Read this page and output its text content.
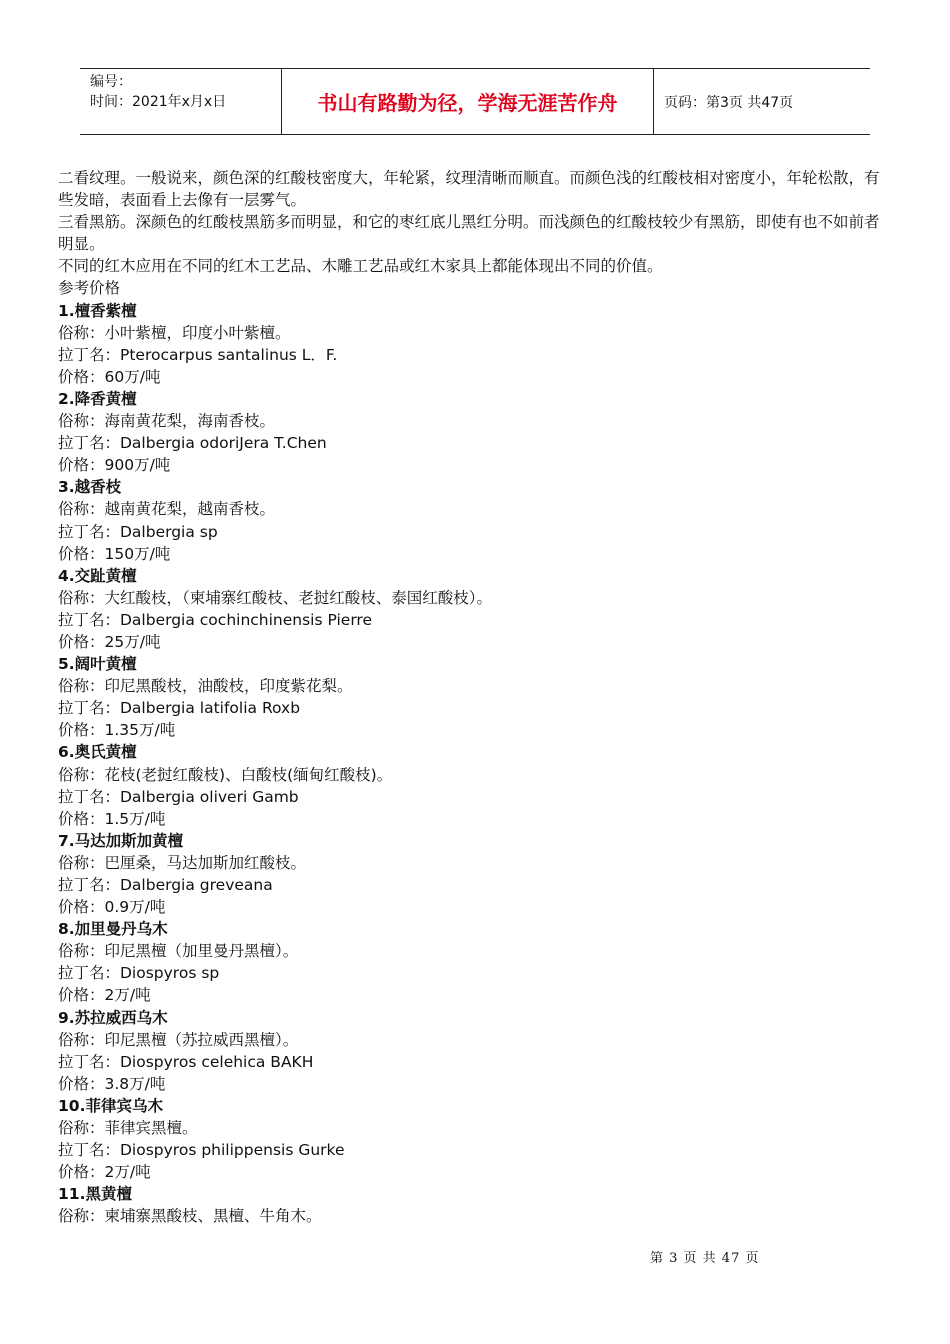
编号：
时间：2021年x月x日	书山有路勤为径，学海无涯苦作舟	页码：第3页 共47页

二看纹理。一般说来，颜色深的红酸枝密度大，年轮紧，纹理清晰而顺直。而颜色浅的红酸枝相对密度小，年轮松散，有些发暗，表面看上去像有一层雾气。

三看黑筋。深颜色的红酸枝黑筋多而明显，和它的枣红底儿黑红分明。而浅颜色的红酸枝较少有黑筋，即使有也不如前者明显。

不同的红木应用在不同的红木工艺品、木雕工艺品或红木家具上都能体现出不同的价值。

参考价格

1.檀香紫檀

俗称：小叶紫檀，印度小叶紫檀。

拉丁名：Pterocarpus santalinus L．F.

价格：60万/吨

2.降香黄檀

俗称：海南黄花梨，海南香枝。

拉丁名：Dalbergia odoriJera T.Chen

价格：900万/吨

3.越香枝

俗称：越南黄花梨，越南香枝。

拉丁名：Dalbergia sp

价格：150万/吨

4.交趾黄檀

俗称：大红酸枝，（柬埔寨红酸枝、老挝红酸枝、泰国红酸枝）。

拉丁名：Dalbergia cochinchinensis Pierre

价格：25万/吨

5.阔叶黄檀

俗称：印尼黑酸枝，油酸枝，印度紫花梨。

拉丁名：Dalbergia latifolia Roxb

价格：1.35万/吨

6.奥氏黄檀

俗称：花枝(老挝红酸枝)、白酸枝(缅甸红酸枝)。

拉丁名：Dalbergia oliveri Gamb

价格：1.5万/吨

7.马达加斯加黄檀

俗称：巴厘桑，马达加斯加红酸枝。

拉丁名：Dalbergia greveana

价格：0.9万/吨

8.加里曼丹乌木

俗称：印尼黑檀（加里曼丹黑檀）。

拉丁名：Diospyros sp

价格：2万/吨

9.苏拉威西乌木

俗称：印尼黑檀（苏拉威西黑檀）。

拉丁名：Diospyros celehica BAKH

价格：3.8万/吨

10.菲律宾乌木

俗称：菲律宾黑檀。

拉丁名：Diospyros philippensis Gurke

价格：2万/吨

11.黑黄檀

俗称：柬埔寨黑酸枝、黒檀、牛角木。

第 3 页 共 47 页
